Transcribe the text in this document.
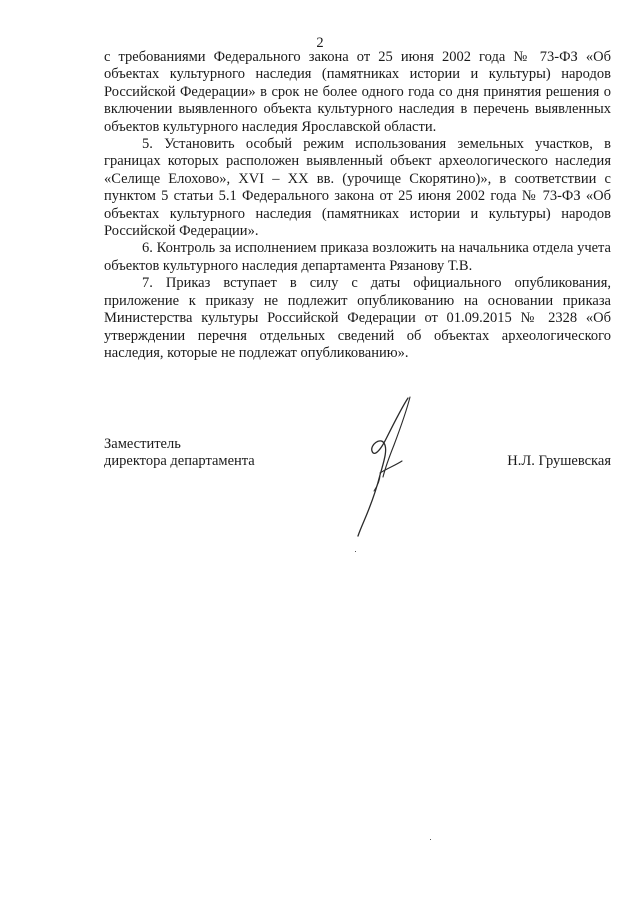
2

с требованиями Федерального закона от 25 июня 2002 года № 73-ФЗ «Об объектах культурного наследия (памятниках истории и культуры) народов Российской Федерации» в срок не более одного года со дня принятия решения о включении выявленного объекта культурного наследия в перечень выявленных объектов культурного наследия Ярославской области.

5. Установить особый режим использования земельных участков, в границах которых расположен выявленный объект археологического наследия «Селище Елохово», XVI – XX вв. (урочище Скорятино)», в соответствии с пунктом 5 статьи 5.1 Федерального закона от 25 июня 2002 года № 73-ФЗ «Об объектах культурного наследия (памятниках истории и культуры) народов Российской Федерации».

6. Контроль за исполнением приказа возложить на начальника отдела учета объектов культурного наследия департамента Рязанову Т.В.

7. Приказ вступает в силу с даты официального опубликования, приложение к приказу не подлежит опубликованию на основании приказа Министерства культуры Российской Федерации от 01.09.2015 № 2328 «Об утверждении перечня отдельных сведений об объектах археологического наследия, которые не подлежат опубликованию».

Заместитель
директора департамента	Н.Л. Грушевская
